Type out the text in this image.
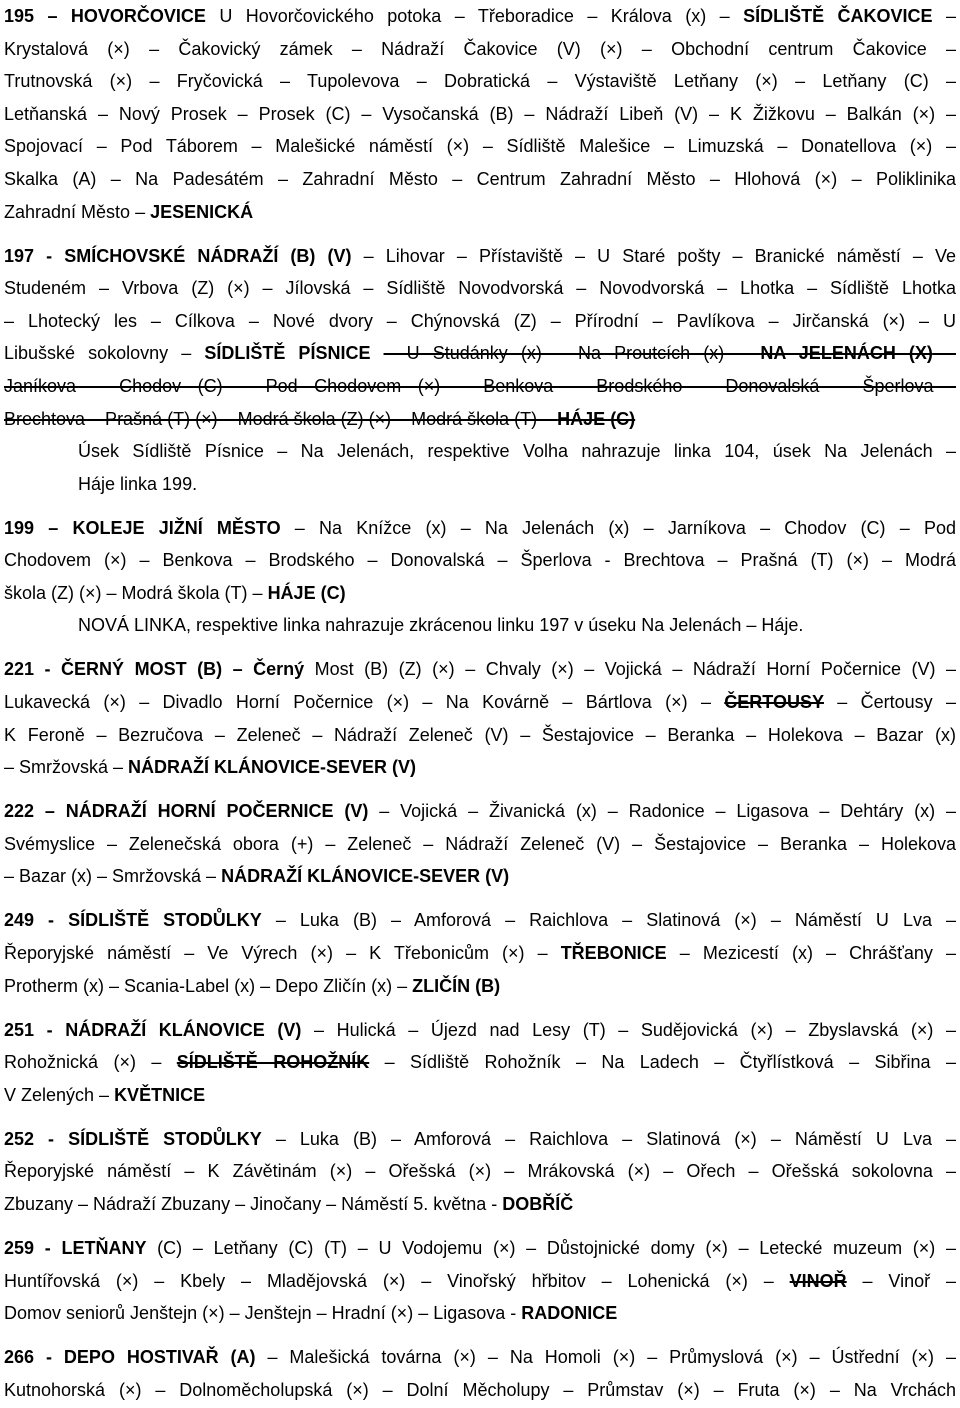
195 – HOVORČOVICE U Hovorčovického potoka – Třeboradice – Králova (x) – SÍDLIŠTĚ ČAKOVICE –
Krystalová (×) – Čakovický zámek – Nádraží Čakovice (V) (×) – Obchodní centrum Čakovice –
Trutnovská (×) – Fryčovická – Tupolevova – Dobratická – Výstaviště Letňany (×) – Letňany (C) –
Letňanská – Nový Prosek – Prosek (C) – Vysočanská (B) – Nádraží Libeň (V) – K Žižkovu – Balkán (×) –
Spojovací – Pod Táborem – Malešické náměstí (×) – Sídliště Malešice – Limuzská – Donatellova (×) –
Skalka (A) – Na Padesátém – Zahradní Město – Centrum Zahradní Město – Hlohová (×) – Poliklinika
Zahradní Město – JESENICKÁ
197 - SMÍCHOVSKÉ NÁDRAŽÍ (B) (V) – Lihovar – Přístaviště – U Staré pošty – Branické náměstí – Ve
Studeném – Vrbova (Z) (×) – Jílovská – Sídliště Novodvorská – Novodvorská – Lhotka – Sídliště Lhotka
– Lhotecký les – Cílkova – Nové dvory – Chýnovská (Z) – Přírodní – Pavlíkova – Jirčanská (×) – U
Libušské sokolovny – SÍDLIŠTĚ PÍSNICE – U Studánky (x) – Na Proutcích (x) – NA JELENÁCH (X) –
Janíkova – Chodov (C) – Pod Chodovem (×) – Benkova – Brodského – Donovalská – Šperlova -
Brechtova – Prašná (T) (×) – Modrá škola (Z) (×) – Modrá škola (T) – HÁJE (C)
Úsek Sídliště Písnice – Na Jelenách, respektive Volha nahrazuje linka 104, úsek Na Jelenách –
Háje linka 199.
199 – KOLEJE JIŽNÍ MĚSTO – Na Knížce (x) – Na Jelenách (x) – Jarníkova – Chodov (C) – Pod
Chodovem (×) – Benkova – Brodského – Donovalská – Šperlova - Brechtova – Prašná (T) (×) – Modrá
škola (Z) (×) – Modrá škola (T) – HÁJE (C)
NOVÁ LINKA, respektive linka nahrazuje zkrácenou linku 197 v úseku Na Jelenách – Háje.
221 - ČERNÝ MOST (B) – Černý Most (B) (Z) (×) – Chvaly (×) – Vojická – Nádraží Horní Počernice (V) –
Lukavecká (×) – Divadlo Horní Počernice (×) – Na Kovárně – Bártlova (×) – ČERTOUSY – Čertousy –
K Feroně – Bezručova – Zeleneč – Nádraží Zeleneč (V) – Šestajovice – Beranka – Holekova – Bazar (x)
– Smržovská – NÁDRAŽÍ KLÁNOVICE-SEVER (V)
222 – NÁDRAŽÍ HORNÍ POČERNICE (V) – Vojická – Živanická (x) – Radonice – Ligasova – Dehtáry (x) –
Svémyslice – Zelenečská obora (+) – Zeleneč – Nádraží Zeleneč (V) – Šestajovice – Beranka – Holekova
– Bazar (x) – Smržovská – NÁDRAŽÍ KLÁNOVICE-SEVER (V)
249 - SÍDLIŠTĚ STODŮLKY – Luka (B) – Amforová – Raichlova – Slatinová (×) – Náměstí U Lva –
Řeporyjské náměstí – Ve Výrech (×) – K Třebonicům (×) – TŘEBONICE – Mezicestí (x) – Chrášťany –
Protherm (x) – Scania-Label (x) – Depo Zličín (x) – ZLIČÍN (B)
251 - NÁDRAŽÍ KLÁNOVICE (V) – Hulická – Újezd nad Lesy (T) – Sudějovická (×) – Zbyslavská (×) –
Rohožnická (×) – SÍDLIŠTĚ ROHOŽNÍK – Sídliště Rohožník – Na Ladech – Čtyřlístková – Sibřina –
V Zelených – KVĚTNICE
252 - SÍDLIŠTĚ STODŮLKY – Luka (B) – Amforová – Raichlova – Slatinová (×) – Náměstí U Lva –
Řeporyjské náměstí – K Závětinám (×) – Ořešská (×) – Mrákovská (×) – Ořech – Ořešská sokolovna –
Zbuzany – Nádraží Zbuzany – Jinočany – Náměstí 5. května - DOBŘÍČ
259 - LETŇANY (C) – Letňany (C) (T) – U Vodojemu (×) – Důstojnické domy (×) – Letecké muzeum (×) –
Huntířovská (×) – Kbely – Mladějovská (×) – Vinořský hřbitov – Lohenická (×) – VINOŘ – Vinoř –
Domov seniorů Jenštejn (×) – Jenštejn – Hradní (×) – Ligasova - RADONICE
266 - DEPO HOSTIVAŘ (A) – Malešická továrna (×) – Na Homoli (×) – Průmyslová (×) – Ústřední (×) –
Kutnohorská (×) – Dolnoměcholupská (×) – Dolní Měcholupy – Průmstav (×) – Fruta (×) – Na Vrchách
